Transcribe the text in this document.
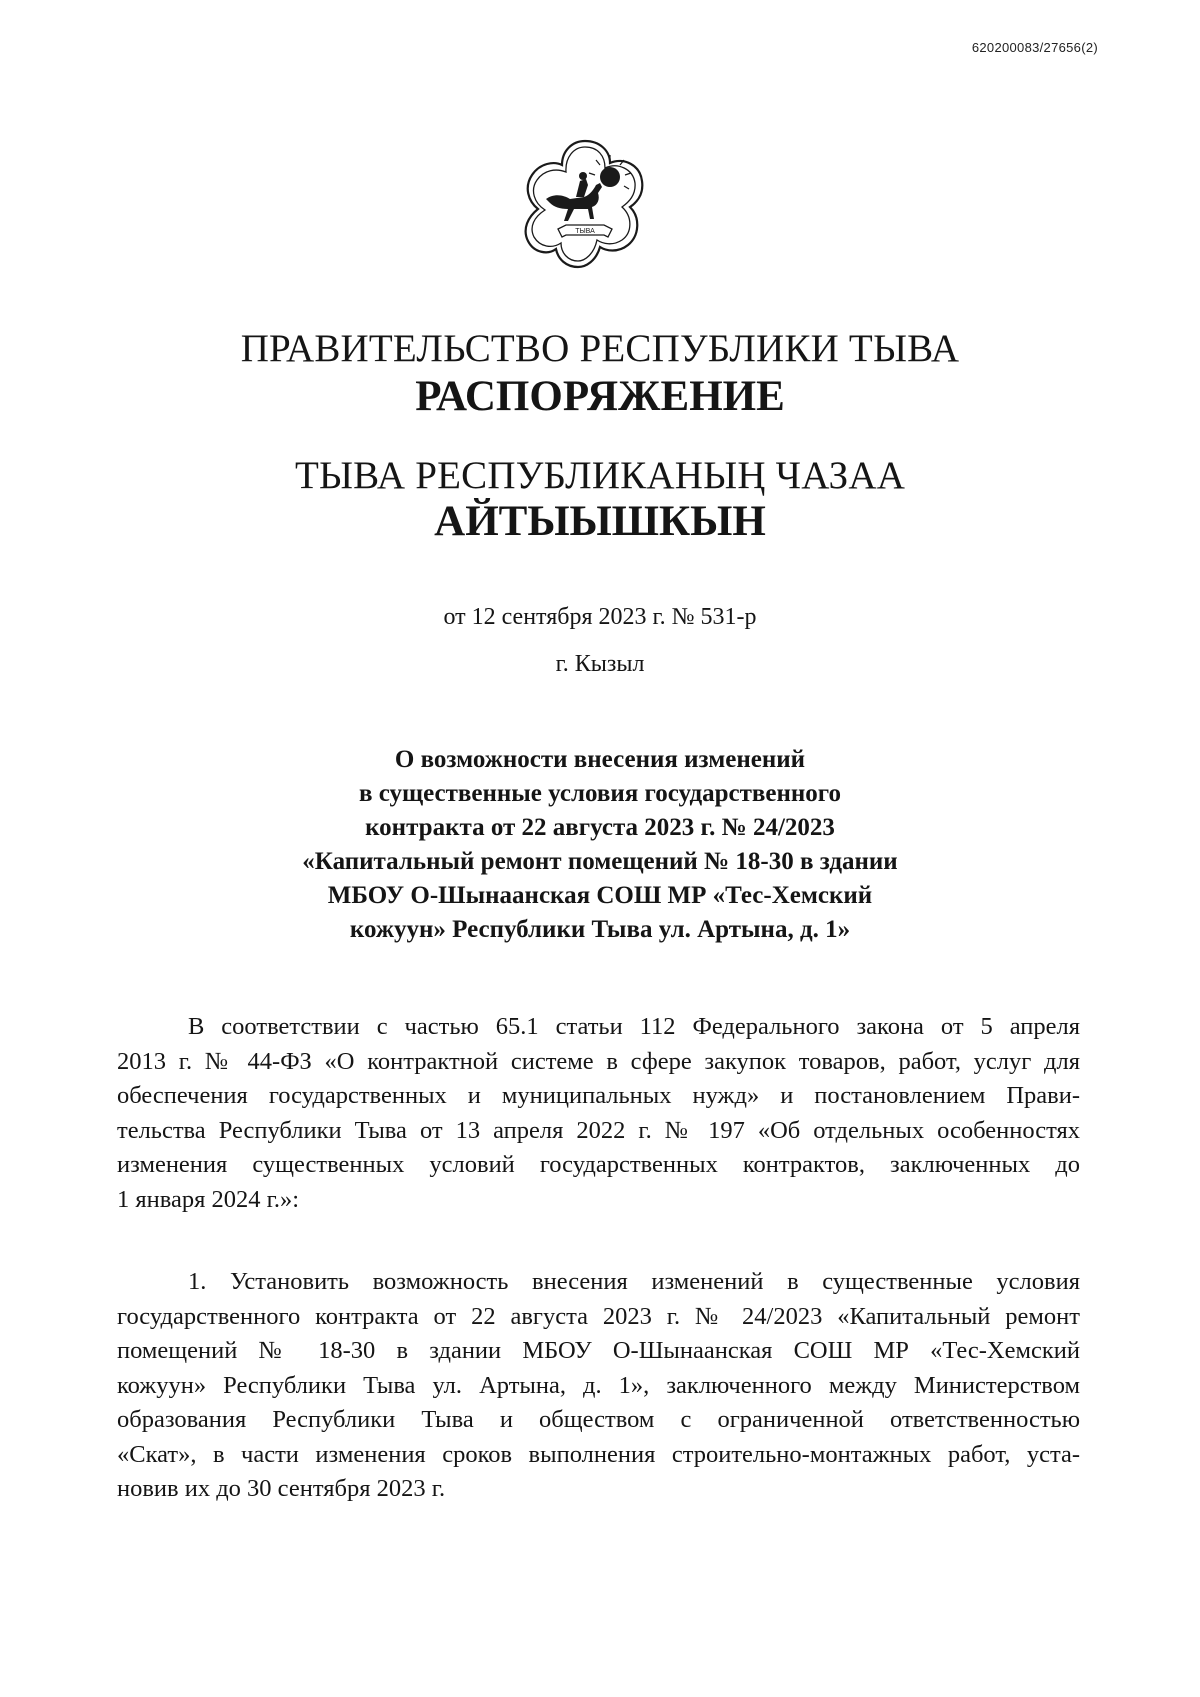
620200083/27656(2)
ТЫВА
ПРАВИТЕЛЬСТВО РЕСПУБЛИКИ ТЫВА
РАСПОРЯЖЕНИЕ
ТЫВА РЕСПУБЛИКАНЫҢ ЧАЗАА
АЙТЫЫШКЫН
от 12 сентября 2023 г. № 531-р
г. Кызыл
О возможности внесения изменений
в существенные условия государственного
контракта от 22 августа 2023 г. № 24/2023
«Капитальный ремонт помещений № 18-30 в здании
МБОУ О-Шынаанская СОШ МР «Тес-Хемский
кожуун» Республики Тыва ул. Артына, д. 1»
В соответствии с частью 65.1 статьи 112 Федерального закона от 5 апреля
2013 г. № 44-ФЗ «О контрактной системе в сфере закупок товаров, работ, услуг для
обеспечения государственных и муниципальных нужд» и постановлением Прави-
тельства Республики Тыва от 13 апреля 2022 г. № 197 «Об отдельных особенностях
изменения существенных условий государственных контрактов, заключенных до
1 января 2024 г.»:
1. Установить возможность внесения изменений в существенные условия
государственного контракта от 22 августа 2023 г. № 24/2023 «Капитальный ремонт
помещений № 18-30 в здании МБОУ О-Шынаанская СОШ МР «Тес-Хемский
кожуун» Республики Тыва ул. Артына, д. 1», заключенного между Министерством
образования Республики Тыва и обществом с ограниченной ответственностью
«Скат», в части изменения сроков выполнения строительно-монтажных работ, уста-
новив их до 30 сентября 2023 г.
